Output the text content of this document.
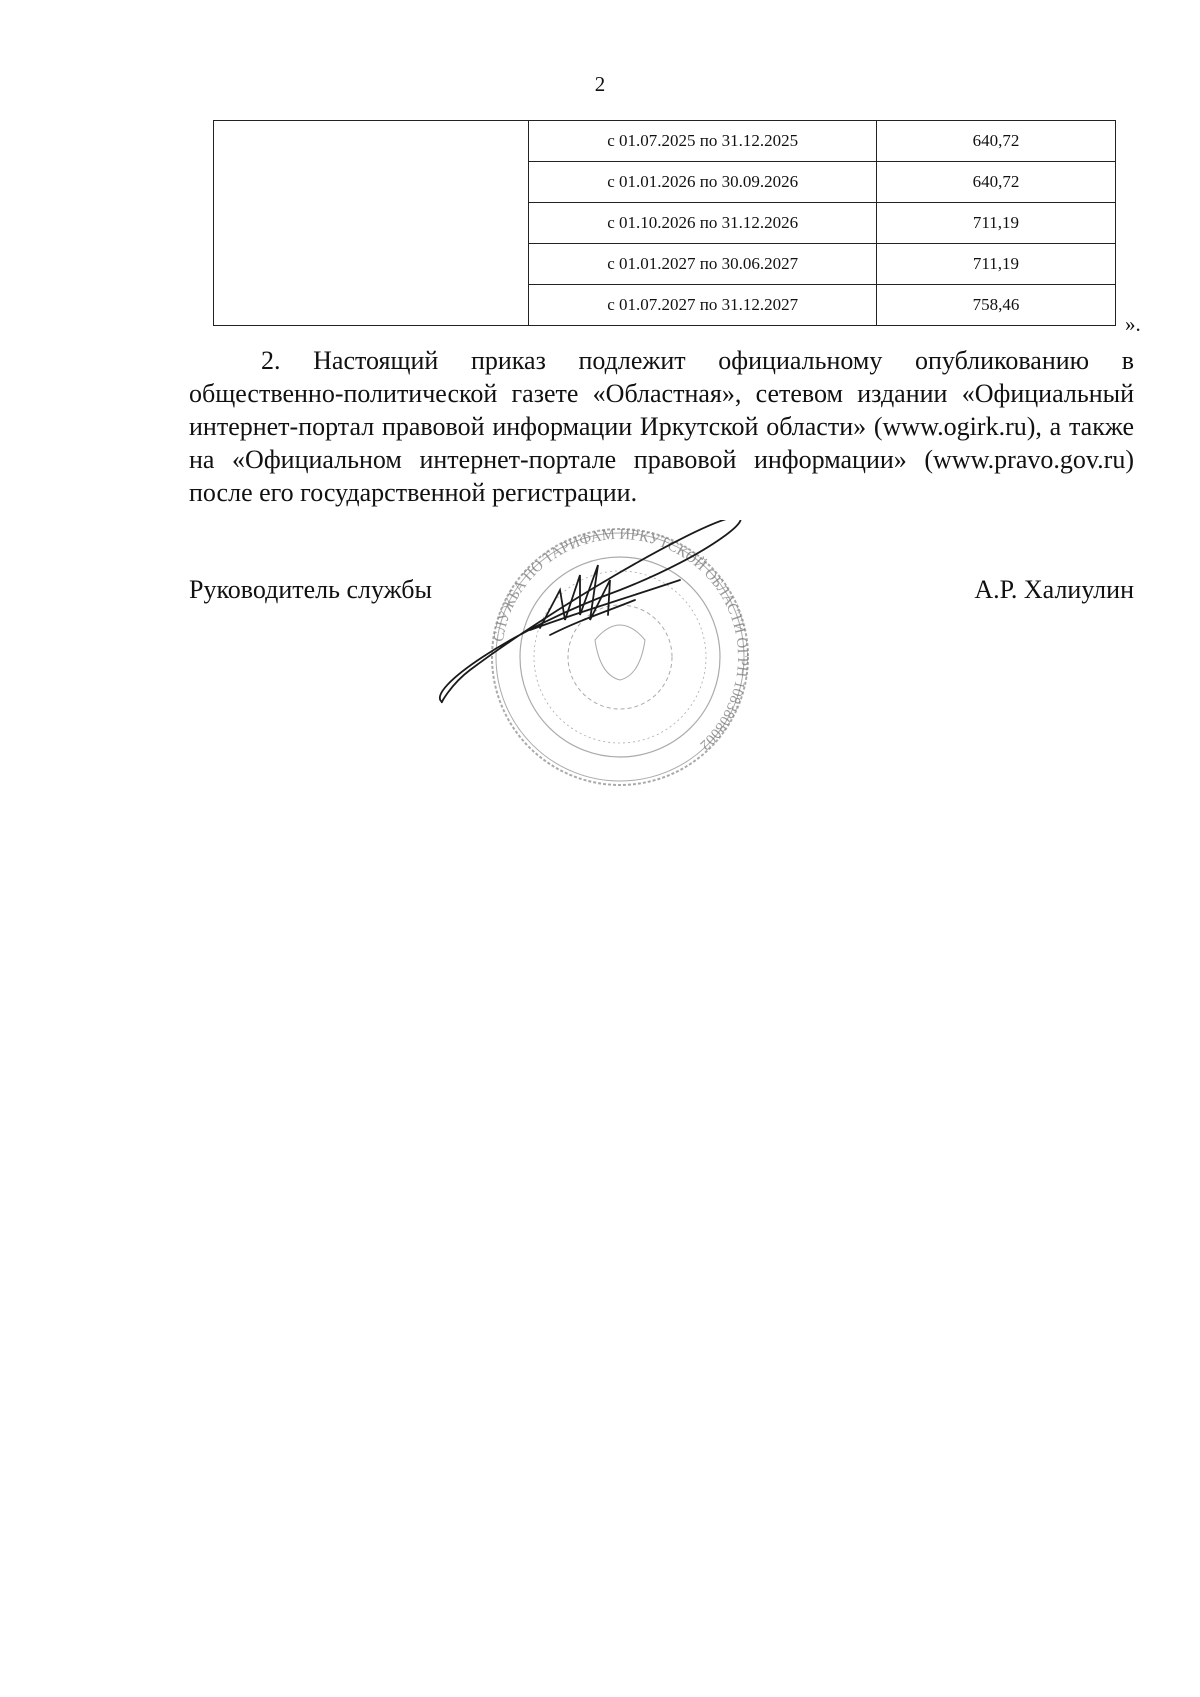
2
	с 01.07.2025 по 31.12.2025	640,72
	с 01.01.2026 по 30.09.2026	640,72
	с 01.10.2026 по 31.12.2026	711,19
	с 01.01.2027 по 30.06.2027	711,19
	с 01.07.2027 по 31.12.2027	758,46
».

2. Настоящий приказ подлежит официальному опубликованию в общественно-политической газете «Областная», сетевом издании «Официальный интернет-портал правовой информации Иркутской области» (www.ogirk.ru), а также на «Официальном интернет-портале правовой информации» (www.pravo.gov.ru) после его государственной регистрации.

СЛУЖБА ПО ТАРИФАМ ИРКУТСКОЙ ОБЛАСТИ ОГРН 1083808002
Руководитель службы	А.Р. Халиулин
